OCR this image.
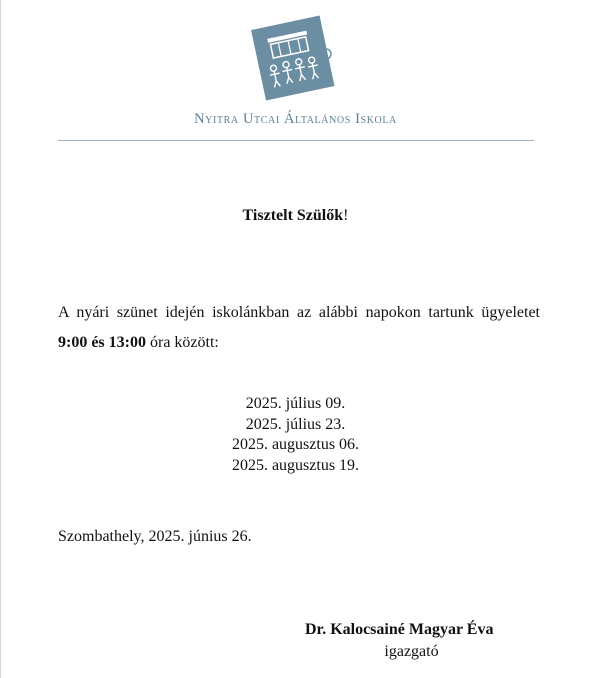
Nyitra Utcai Általános Iskola
Tisztelt Szülők!
A nyári szünet idején iskolánkban az alábbi napokon tartunk ügyeletet 9:00 és 13:00 óra között:
2025. július 09.
2025. július 23.
2025. augusztus 06.
2025. augusztus 19.
Szombathely, 2025. június 26.
Dr. Kalocsainé Magyar Éva
igazgató
